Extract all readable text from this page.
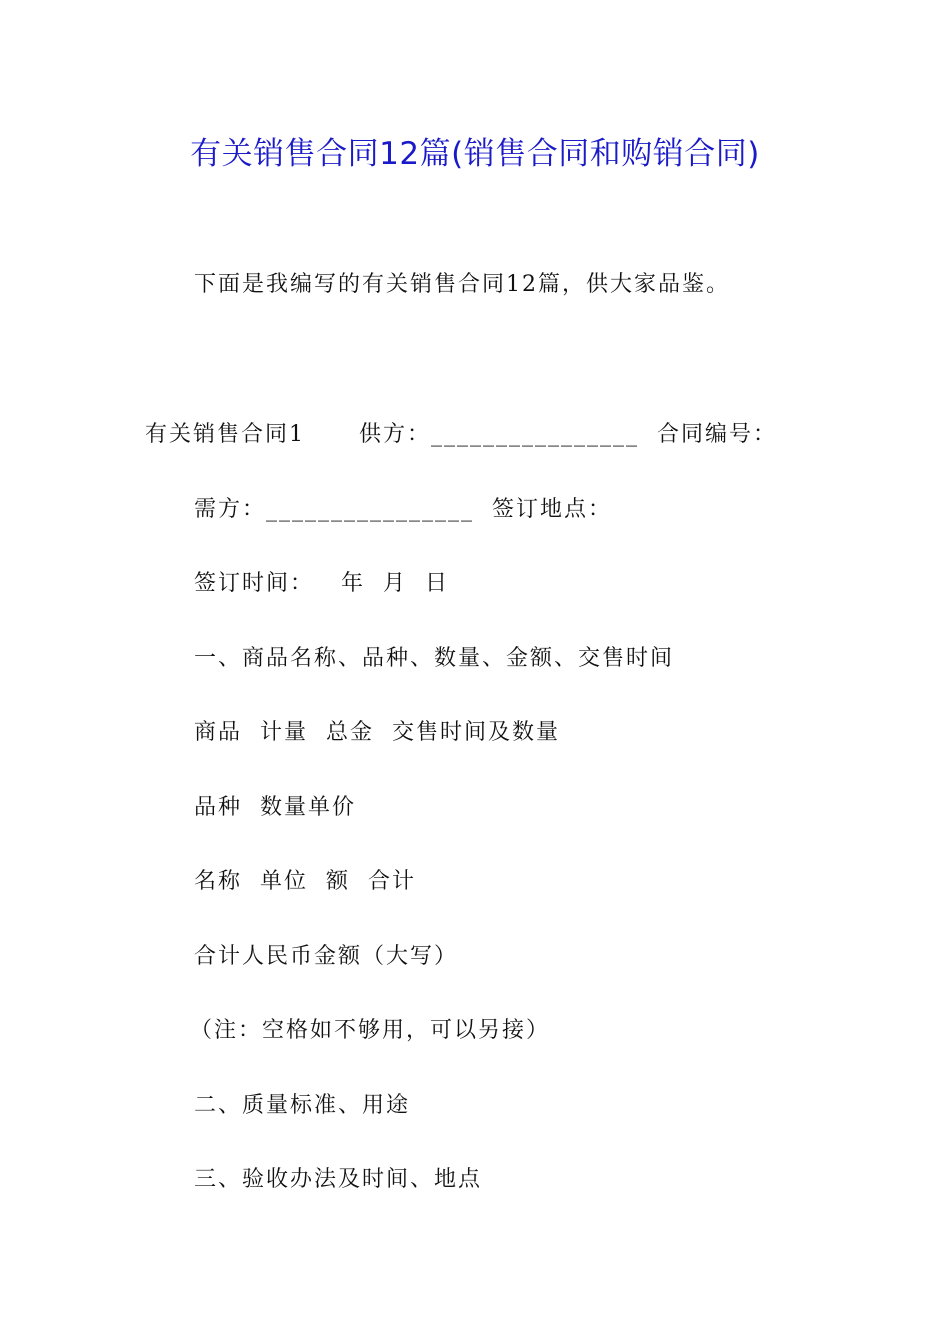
有关销售合同12篇(销售合同和购销合同)
下面是我编写的有关销售合同12篇，供大家品鉴。
有关销售合同1      供方：________________  合同编号：
需方：________________  签订地点：
签订时间：   年  月  日
一、商品名称、品种、数量、金额、交售时间
商品  计量  总金  交售时间及数量
品种  数量单价
名称  单位  额  合计
合计人民币金额（大写）
（注：空格如不够用，可以另接）
二、质量标准、用途
三、验收办法及时间、地点
